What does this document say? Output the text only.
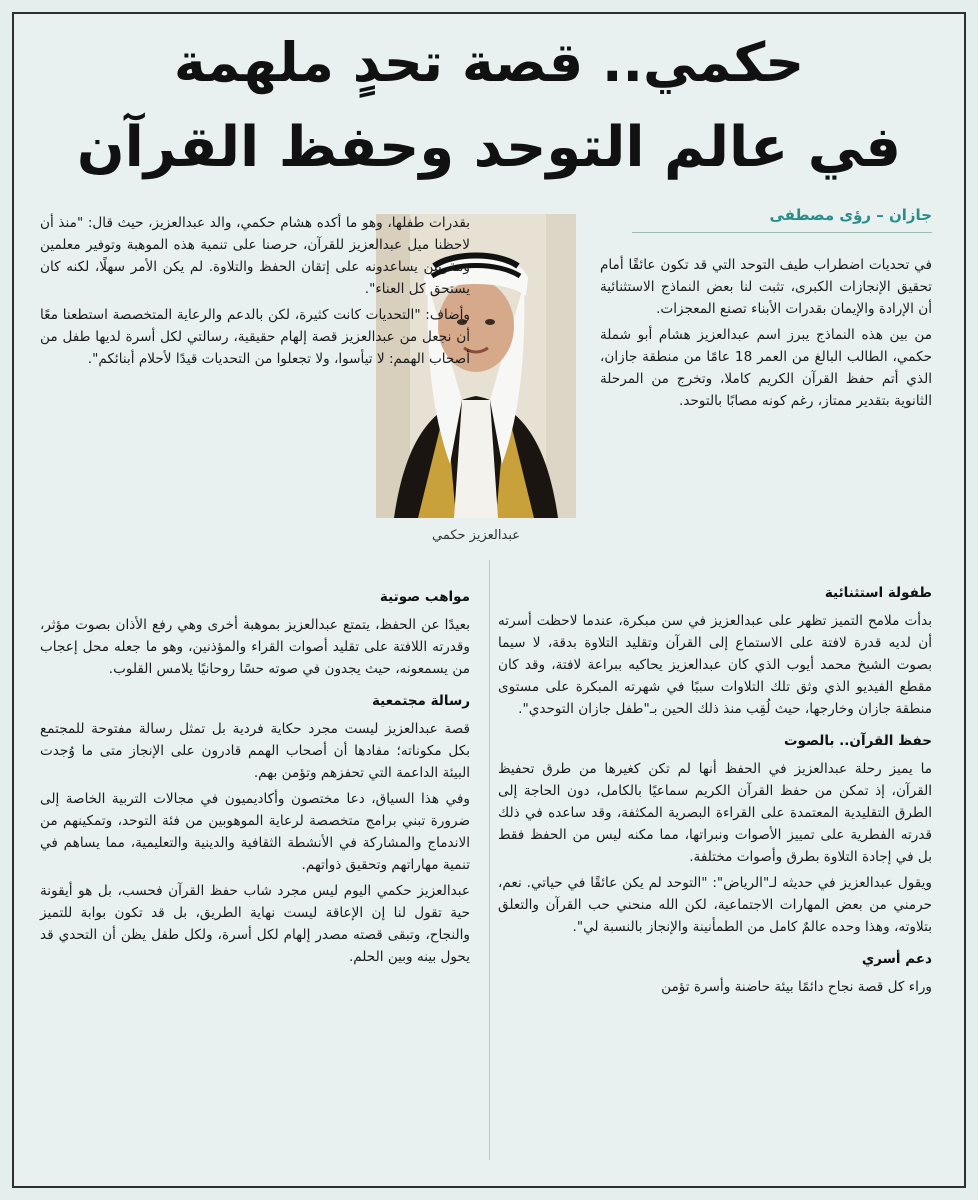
حكمي.. قصة تحدٍ ملهمة
في عالم التوحد وحفظ القرآن
جازان – رؤى مصطفى

في تحديات اضطراب طيف التوحد التي قد تكون عائقًا أمام تحقيق الإنجازات الكبرى، تثبت لنا بعض النماذج الاستثنائية أن الإرادة والإيمان بقدرات الأبناء تصنع المعجزات.

من بين هذه النماذج يبرز اسم عبدالعزيز هشام أبو شملة حكمي، الطالب البالغ من العمر 18 عامًا من منطقة جازان، الذي أتم حفظ القرآن الكريم كاملا، وتخرج من المرحلة الثانوية بتقدير ممتاز، رغم كونه مصابًا بالتوحد.

عبدالعزيز حكمي

بقدرات طفلها، وهو ما أكده هشام حكمي، والد عبدالعزيز، حيث قال: "منذ أن لاحظنا ميل عبدالعزيز للقرآن، حرصنا على تنمية هذه الموهبة وتوفير معلمين ومقرئين يساعدونه على إتقان الحفظ والتلاوة. لم يكن الأمر سهلًا، لكنه كان يستحق كل العناء".

وأضاف: "التحديات كانت كثيرة، لكن بالدعم والرعاية المتخصصة استطعنا معًا أن نجعل من عبدالعزيز قصة إلهام حقيقية، رسالتي لكل أسرة لديها طفل من أصحاب الهمم: لا تيأسوا، ولا تجعلوا من التحديات قيدًا لأحلام أبنائكم".

طفولة استثنائية

بدأت ملامح التميز تظهر على عبدالعزيز في سن مبكرة، عندما لاحظت أسرته أن لديه قدرة لافتة على الاستماع إلى القرآن وتقليد التلاوة بدقة، لا سيما بصوت الشيخ محمد أيوب الذي كان عبدالعزيز يحاكيه ببراعة لافتة، وقد كان مقطع الفيديو الذي وثق تلك التلاوات سببًا في شهرته المبكرة على مستوى منطقة جازان وخارجها، حيث لُقِب منذ ذلك الحين بـ"طفل جازان التوحدي".

حفظ القرآن.. بالصوت

ما يميز رحلة عبدالعزيز في الحفظ أنها لم تكن كغيرها من طرق تحفيظ القرآن، إذ تمكن من حفظ القرآن الكريم سماعيًا بالكامل، دون الحاجة إلى الطرق التقليدية المعتمدة على القراءة البصرية المكثفة، وقد ساعده في ذلك قدرته الفطرية على تمييز الأصوات ونبراتها، مما مكنه ليس من الحفظ فقط بل في إجادة التلاوة بطرق وأصوات مختلفة.

ويقول عبدالعزيز في حديثه لـ"الرياض": "التوحد لم يكن عائقًا في حياتي. نعم، حرمني من بعض المهارات الاجتماعية، لكن الله منحني حب القرآن والتعلق بتلاوته، وهذا وحده عالمٌ كامل من الطمأنينة والإنجاز بالنسبة لي".

دعم أسري

وراء كل قصة نجاح دائمًا بيئة حاضنة وأسرة تؤمن

مواهب صوتية

بعيدًا عن الحفظ، يتمتع عبدالعزيز بموهبة أخرى وهي رفع الأذان بصوت مؤثر، وقدرته اللافتة على تقليد أصوات القراء والمؤذنين، وهو ما جعله محل إعجاب من يسمعونه، حيث يجدون في صوته حسًا روحانيًا يلامس القلوب.

رسالة مجتمعية

قصة عبدالعزيز ليست مجرد حكاية فردية بل تمثل رسالة مفتوحة للمجتمع بكل مكوناته؛ مفادها أن أصحاب الهمم قادرون على الإنجاز متى ما وُجدت البيئة الداعمة التي تحفزهم وتؤمن بهم.

وفي هذا السياق، دعا مختصون وأكاديميون في مجالات التربية الخاصة إلى ضرورة تبني برامج متخصصة لرعاية الموهوبين من فئة التوحد، وتمكينهم من الاندماج والمشاركة في الأنشطة الثقافية والدينية والتعليمية، مما يساهم في تنمية مهاراتهم وتحقيق ذواتهم.

عبدالعزيز حكمي اليوم ليس مجرد شاب حفظ القرآن فحسب، بل هو أيقونة حية تقول لنا إن الإعاقة ليست نهاية الطريق، بل قد تكون بوابة للتميز والنجاح، وتبقى قصته مصدر إلهام لكل أسرة، ولكل طفل يظن أن التحدي قد يحول بينه وبين الحلم.
